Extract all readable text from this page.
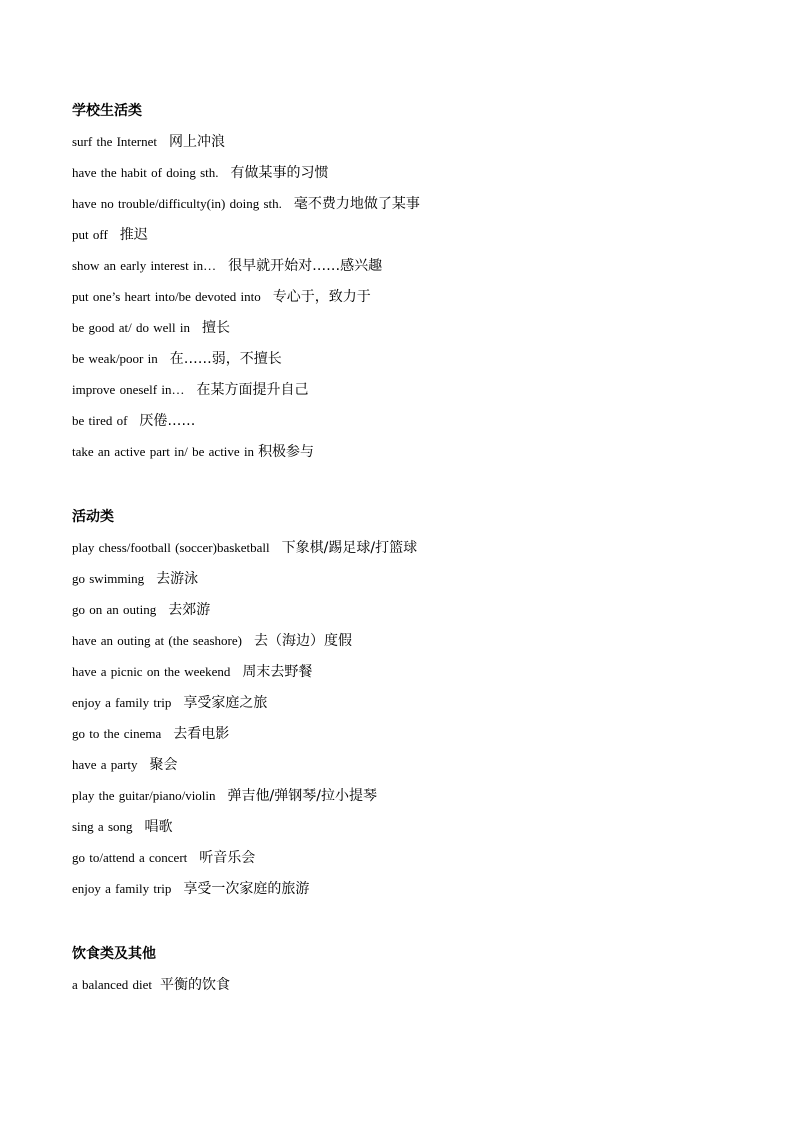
学校生活类
surf the Internet 网上冲浪
have the habit of doing sth. 有做某事的习惯
have no trouble/difficulty(in) doing sth. 毫不费力地做了某事
put off 推迟
show an early interest in… 很早就开始对……感兴趣
put one’s heart into/be devoted into 专心于，致力于
be good at/ do well in 擅长
be weak/poor in 在……弱，不擅长
improve oneself in… 在某方面提升自己
be tired of 厌倦……
take an active part in/ be active in 积极参与
活动类
play chess/football (soccer)basketball 下象棋/踢足球/打篮球
go swimming 去游泳
go on an outing 去郊游
have an outing at (the seashore) 去（海边）度假
have a picnic on the weekend 周末去野餐
enjoy a family trip 享受家庭之旅
go to the cinema 去看电影
have a party 聚会
play the guitar/piano/violin 弹吉他/弹钢琴/拉小提琴
sing a song 唱歌
go to/attend a concert 听音乐会
enjoy a family trip 享受一次家庭的旅游
饮食类及其他
a balanced diet 平衡的饮食
